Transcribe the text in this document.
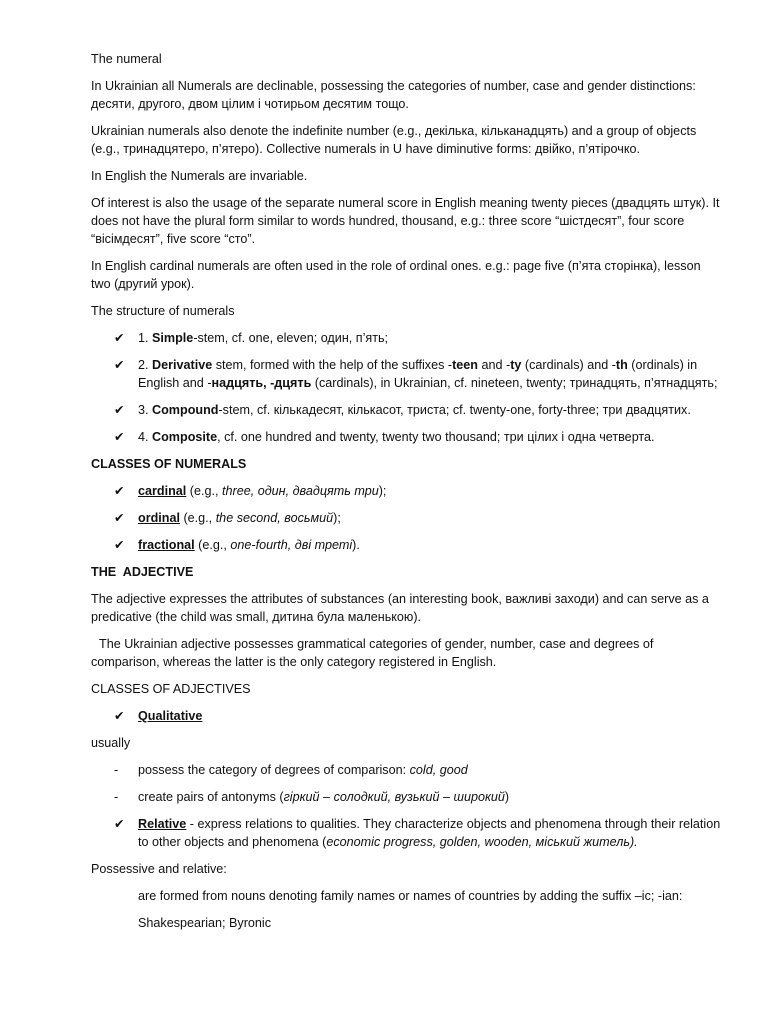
The numeral

In Ukrainian all Numerals are declinable, possessing the categories of number, case and gender distinctions: десяти, другого, двом цілим і чотирьом десятим тощо.

Ukrainian numerals also denote the indefinite number (e.g., декілька, кільканадцять) and a group of objects (e.g., тринадцятеро, п’ятеро). Collective numerals in U have diminutive forms: двійко, п’ятірочко.

In English the Numerals are invariable.

Of interest is also the usage of the separate numeral score in English meaning twenty pieces (двадцять штук). It does not have the plural form similar to words hundred, thousand, e.g.: three score “шістдесят”, four score “вісімдесят”, five score “сто”.

In English cardinal numerals are often used in the role of ordinal ones. e.g.: page five (п’ята сторінка), lesson two (другий урок).

The structure of numerals

✔	1. Simple-stem, cf. one, eleven; один, п’ять;
✔	2. Derivative stem, formed with the help of the suffixes -teen and -ty (cardinals) and -th (ordinals) in English and -надцять, -дцять (cardinals), in Ukrainian, cf. nineteen, twenty; тринадцять, п’ятнадцять;
✔	3. Compound-stem, cf. кількадесят, кількасот, триста; cf. twenty-one, forty-three; три двадцятих.
✔	4. Composite, cf. one hundred and twenty, twenty two thousand; три цілих і одна четверта.

CLASSES OF NUMERALS

✔	cardinal (e.g., three, один, двадцять три);
✔	ordinal (e.g., the second, восьмий);
✔	fractional (e.g., one-fourth, дві треті).

THE  ADJECTIVE

The adjective expresses the attributes of substances (an interesting book, важливі заходи) and can serve as a predicative (the child was small, дитина була маленькою).

The Ukrainian adjective possesses grammatical categories of gender, number, case and degrees of comparison, whereas the latter is the only category registered in English.

CLASSES OF ADJECTIVES

✔	Qualitative

usually

-	possess the category of degrees of comparison: cold, good
-	create pairs of antonyms (гіркий – солодкий, вузький – широкий)
✔	Relative - express relations to qualities. They characterize objects and phenomena through their relation to other objects and phenomena (economic progress, golden, wooden, міський житель).

Possessive and relative:

are formed from nouns denoting family names or names of countries by adding the suffix –ic; -ian:

Shakespearian; Byronic
